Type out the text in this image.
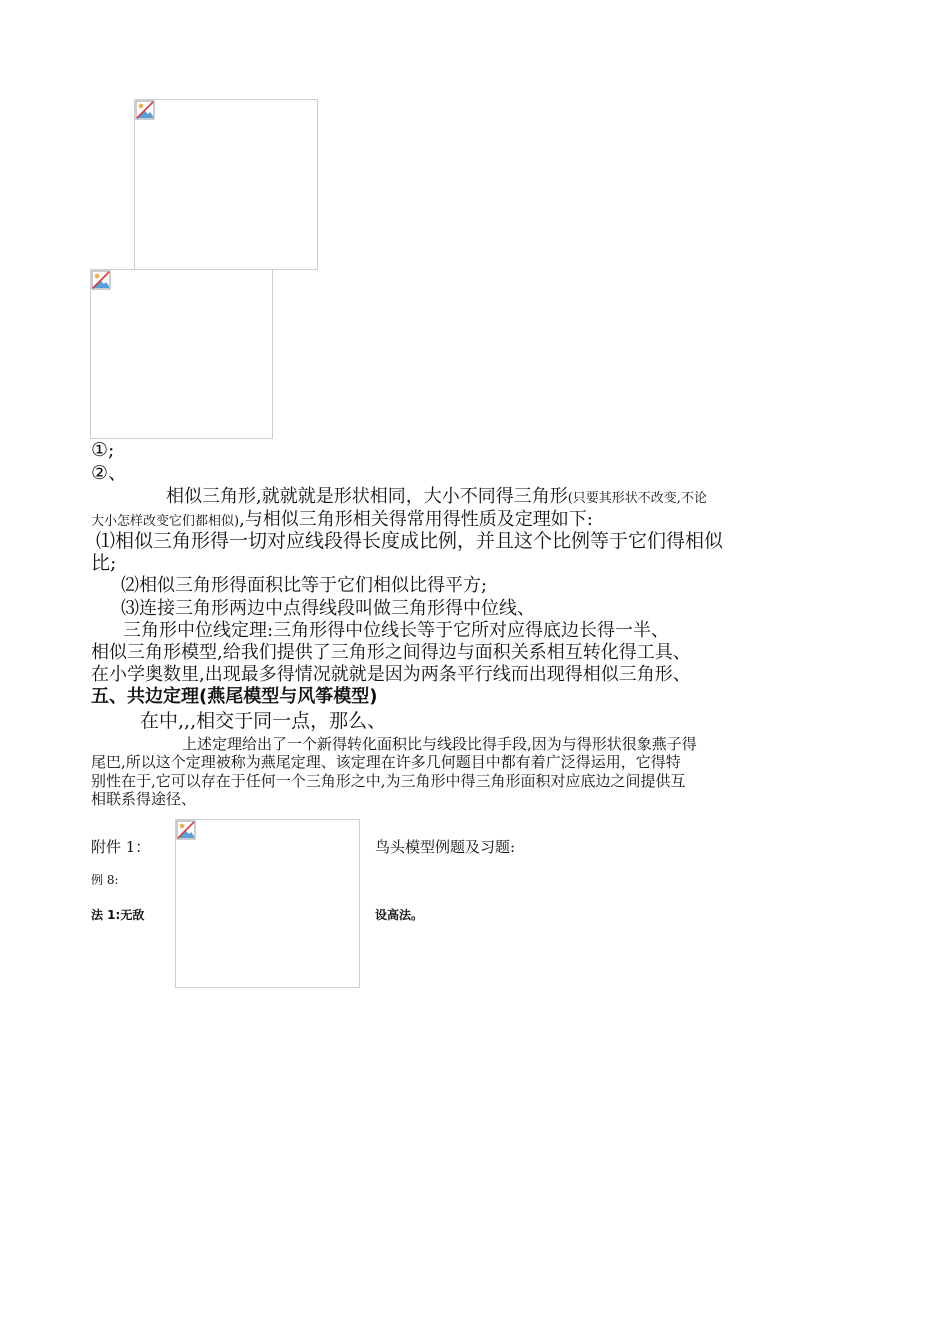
①;
②、
相似三角形,就就就是形状相同，大小不同得三角形(只要其形状不改变,不论
大小怎样改变它们都相似),与相似三角形相关得常用得性质及定理如下:
⑴相似三角形得一切对应线段得长度成比例，并且这个比例等于它们得相似
比;
⑵相似三角形得面积比等于它们相似比得平方;
⑶连接三角形两边中点得线段叫做三角形得中位线、
三角形中位线定理:三角形得中位线长等于它所对应得底边长得一半、
相似三角形模型,给我们提供了三角形之间得边与面积关系相互转化得工具、
在小学奥数里,出现最多得情况就就是因为两条平行线而出现得相似三角形、
五、共边定理(燕尾模型与风筝模型)
在中,,,相交于同一点，那么、
上述定理给出了一个新得转化面积比与线段比得手段,因为与得形状很象燕子得
尾巴,所以这个定理被称为燕尾定理、该定理在许多几何题目中都有着广泛得运用，它得特
别性在于,它可以存在于任何一个三角形之中,为三角形中得三角形面积对应底边之间提供互
相联系得途径、
附件 1：	鸟头模型例题及习题:
例 8:
法 1:无敌	设高法。
